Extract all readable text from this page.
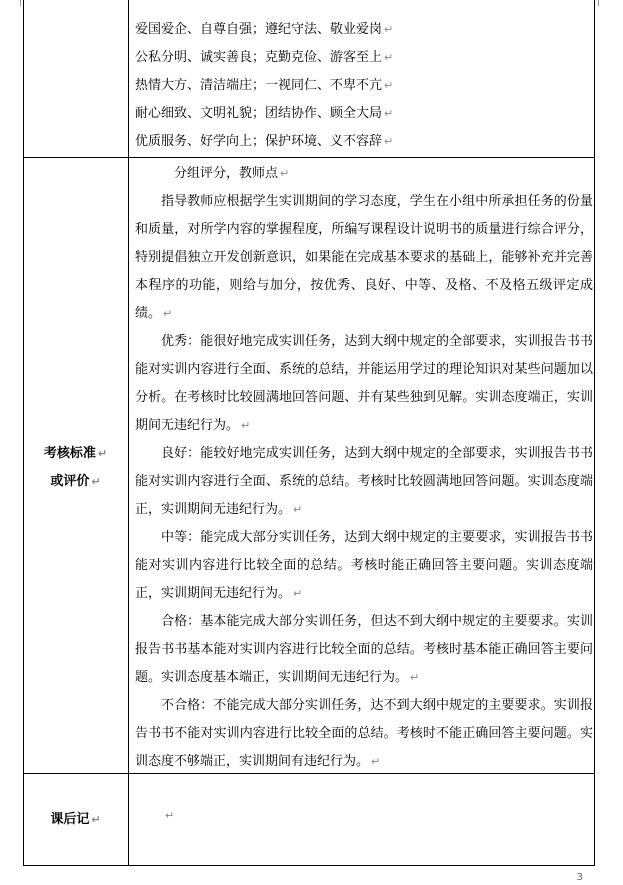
爱国爱企、自尊自强；遵纪守法、敬业爱岗 ↵
公私分明、诚实善良；克勤克俭、游客至上 ↵
热情大方、清洁端庄；一视同仁、不卑不亢 ↵
耐心细致、文明礼貌；团结协作、顾全大局 ↵
优质服务、好学向上；保护环境、义不容辞 ↵
考核标准 ↵
或评价 ↵

分组评分，教师点 ↵

指导教师应根据学生实训期间的学习态度，学生在小组中所承担任务的份量和质量，对所学内容的掌握程度，所编写课程设计说明书的质量进行综合评分，特别提倡独立开发创新意识，如果能在完成基本要求的基础上，能够补充并完善本程序的功能，则给与加分，按优秀、良好、中等、及格、不及格五级评定成绩。 ↵

优秀：能很好地完成实训任务，达到大纲中规定的全部要求，实训报告书书能对实训内容进行全面、系统的总结，并能运用学过的理论知识对某些问题加以分析。在考核时比较圆满地回答问题、并有某些独到见解。实训态度端正，实训期间无违纪行为。 ↵

良好：能较好地完成实训任务，达到大纲中规定的全部要求，实训报告书书能对实训内容进行全面、系统的总结。考核时比较圆满地回答问题。实训态度端正，实训期间无违纪行为。 ↵

中等：能完成大部分实训任务，达到大纲中规定的主要要求，实训报告书书能对实训内容进行比较全面的总结。考核时能正确回答主要问题。实训态度端正，实训期间无违纪行为。 ↵

合格：基本能完成大部分实训任务，但达不到大纲中规定的主要要求。实训报告书书基本能对实训内容进行比较全面的总结。考核时基本能正确回答主要问题。实训态度基本端正，实训期间无违纪行为。 ↵

不合格：不能完成大部分实训任务，达不到大纲中规定的主要要求。实训报告书书不能对实训内容进行比较全面的总结。考核时不能正确回答主要问题。实训态度不够端正，实训期间有违纪行为。 ↵

课后记 ↵	↵
3
